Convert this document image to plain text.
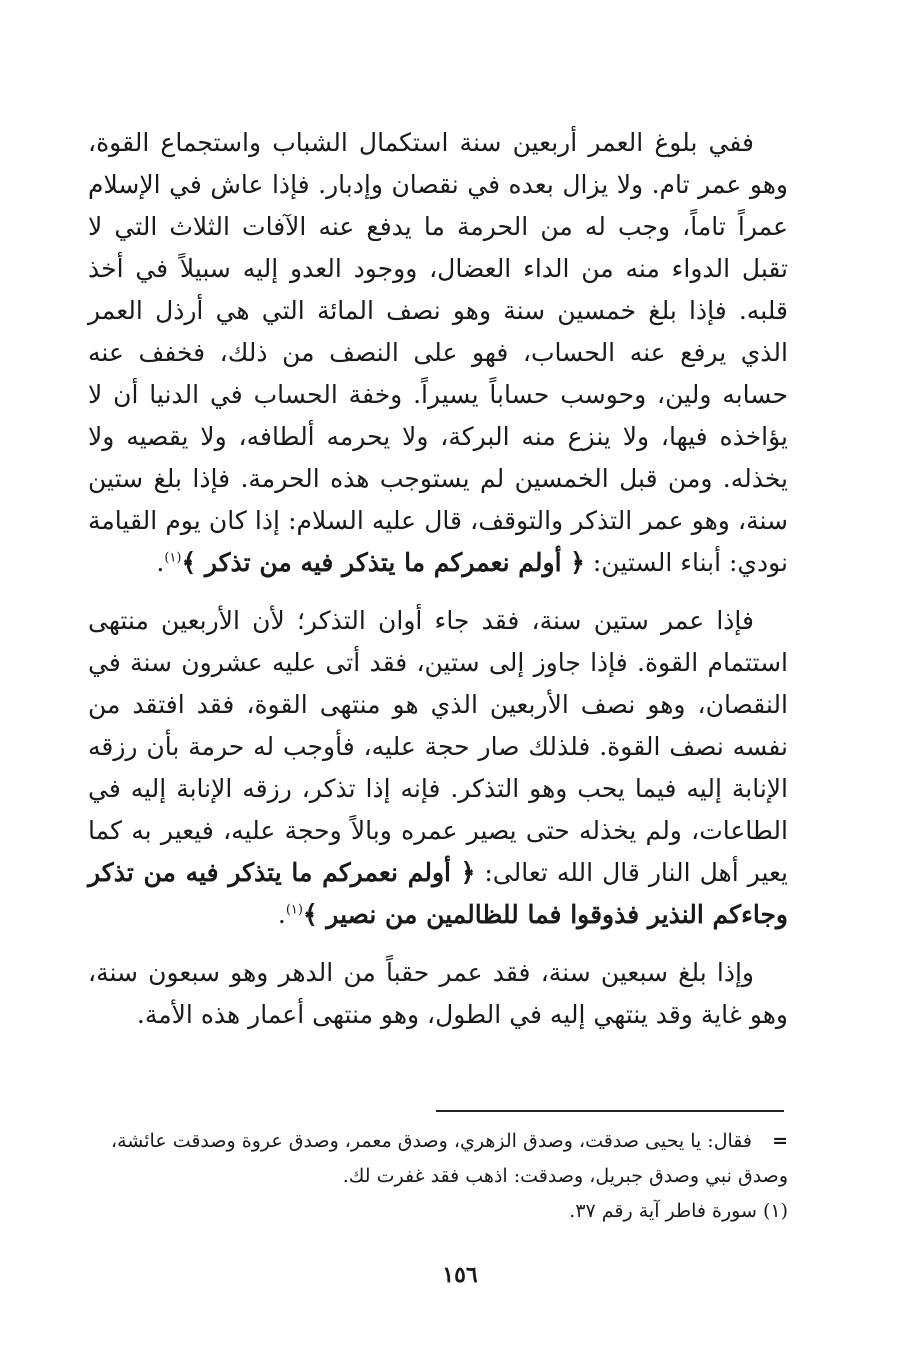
ففي بلوغ العمر أربعين سنة استكمال الشباب واستجماع القوة، وهو عمر تام. ولا يزال بعده في نقصان وإدبار. فإذا عاش في الإسلام عمراً تاماً، وجب له من الحرمة ما يدفع عنه الآفات الثلاث التي لا تقبل الدواء منه من الداء العضال، ووجود العدو إليه سبيلاً في أخذ قلبه. فإذا بلغ خمسين سنة وهو نصف المائة التي هي أرذل العمر الذي يرفع عنه الحساب، فهو على النصف من ذلك، فخفف عنه حسابه ولين، وحوسب حساباً يسيراً. وخفة الحساب في الدنيا أن لا يؤاخذه فيها، ولا ينزع منه البركة، ولا يحرمه ألطافه، ولا يقصيه ولا يخذله. ومن قبل الخمسين لم يستوجب هذه الحرمة. فإذا بلغ ستين سنة، وهو عمر التذكر والتوقف، قال عليه السلام: إذا كان يوم القيامة نودي: أبناء الستين: ﴿ أولم نعمركم ما يتذكر فيه من تذكر ﴾$^{(١)}$.

فإذا عمر ستين سنة، فقد جاء أوان التذكر؛ لأن الأربعين منتهى استتمام القوة. فإذا جاوز إلى ستين، فقد أتى عليه عشرون سنة في النقصان، وهو نصف الأربعين الذي هو منتهى القوة، فقد افتقد من نفسه نصف القوة. فلذلك صار حجة عليه، فأوجب له حرمة بأن رزقه الإنابة إليه فيما يحب وهو التذكر. فإنه إذا تذكر، رزقه الإنابة إليه في الطاعات، ولم يخذله حتى يصير عمره وبالاً وحجة عليه، فيعير به كما يعير أهل النار قال الله تعالى: ﴿ أولم نعمركم ما يتذكر فيه من تذكر وجاءكم النذير فذوقوا فما للظالمين من نصير ﴾$^{(١)}$.

وإذا بلغ سبعين سنة، فقد عمر حقباً من الدهر وهو سبعون سنة، وهو غاية وقد ينتهي إليه في الطول، وهو منتهى أعمار هذه الأمة.

=فقال: يا يحيى صدقت، وصدق الزهري، وصدق معمر، وصدق عروة وصدقت عائشة، وصدق نبي وصدق جبريل، وصدقت: اذهب فقد غفرت لك.

(١) سورة فاطر آية رقم ٣٧.

١٥٦
